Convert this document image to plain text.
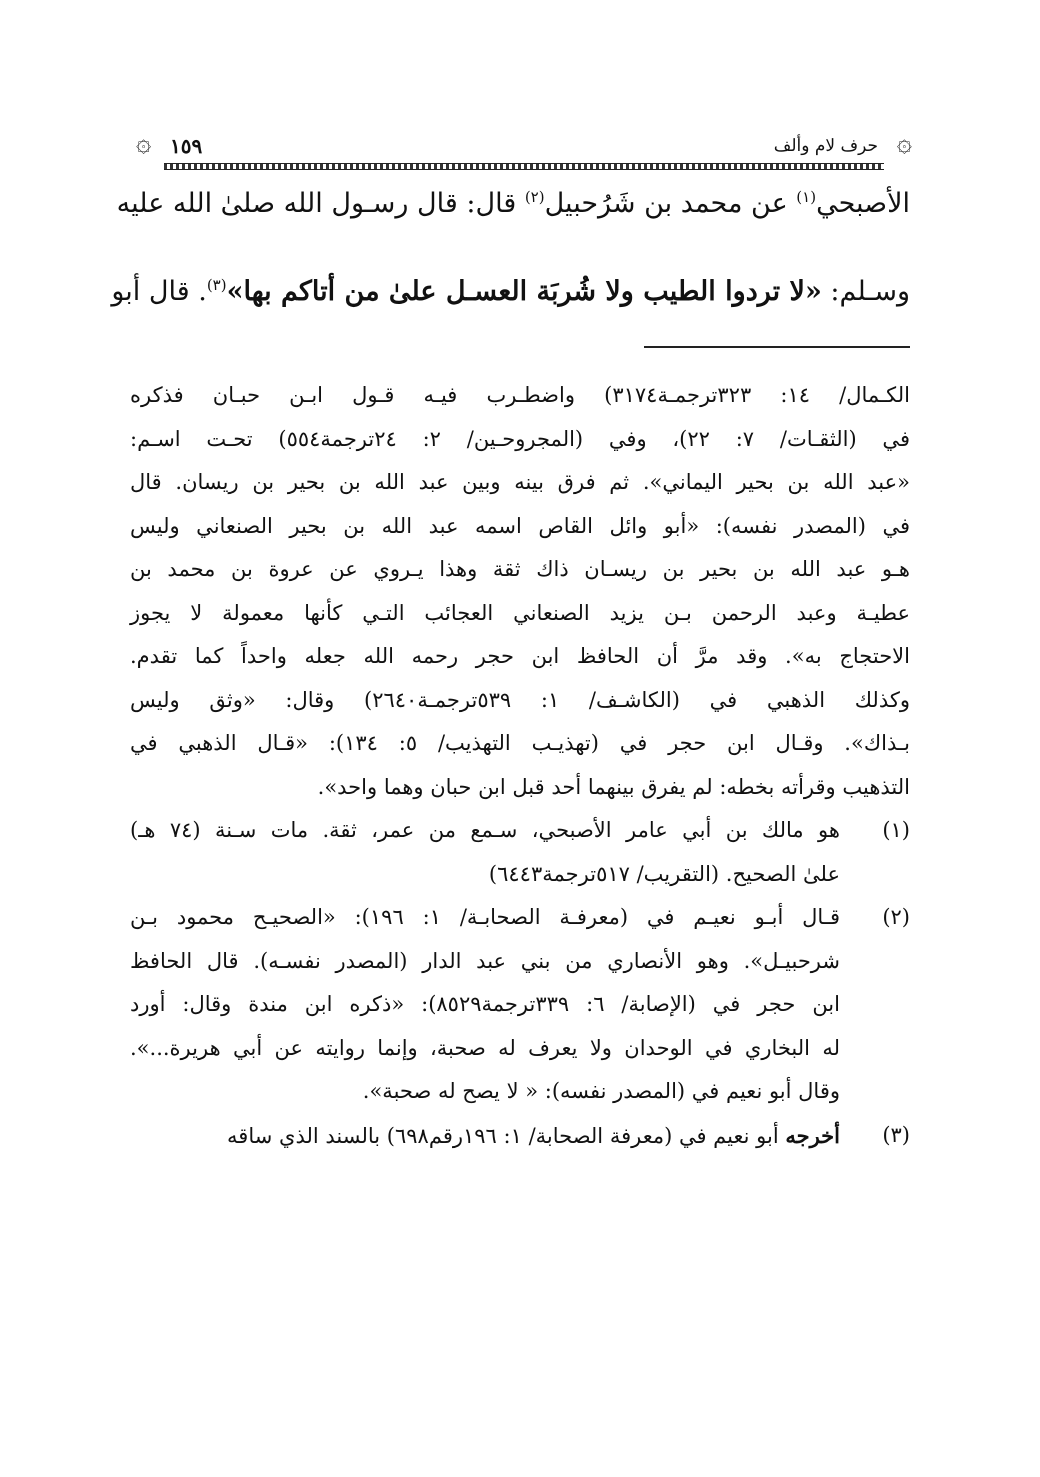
۞
حرف لام وألف
١٥٩
۞
الأصبحي$^{(١)}$ عن محمد بن شَرُحبيل$^{(٢)}$ قال: قال رسـول الله صلىٰ الله عليه
وسـلم: «لا تردوا الطيب ولا شُربَة العسـل علىٰ من أتاكم بها»$^{(٣)}$. قال أبو
الكـمال/ ١٤: ٣٢٣ترجمـة٣١٧٤) واضطـرب فيـه قـول ابـن حبـان فذكره
في (الثقـات/ ٧: ٢٢)، وفي (المجروحـين/ ٢: ٢٤ترجمة٥٥٤) تحـت اسـم:
«عبد الله بن بحير اليماني». ثم فرق بينه وبين عبد الله بن بحير بن ريسان. قال
في (المصدر نفسه): «أبو وائل القاص اسمه عبد الله بن بحير الصنعاني وليس
هـو عبد الله بن بحير بن ريسـان ذاك ثقة وهذا يـروي عن عروة بن محمد بن
عطيـة وعبد الرحمن بـن يزيد الصنعاني العجائب التـي كأنها معمولة لا يجوز
الاحتجاج به». وقد مرَّ أن الحافظ ابن حجر رحمه الله جعله واحداً كما تقدم.
وكذلك الذهبي في (الكاشـف/ ١: ٥٣٩ترجمـة٢٦٤٠) وقال: «وثق وليس
بـذاك». وقـال ابن حجر في (تهذيـب التهذيب/ ٥: ١٣٤): «قـال الذهبي في
التذهيب وقرأته بخطه: لم يفرق بينهما أحد قبل ابن حبان وهما واحد».
(١)
هو مالك بن أبي عامر الأصبحي، سـمع من عمر، ثقة. مات سـنة (٧٤ هـ)
علىٰ الصحيح. (التقريب/ ٥١٧ترجمة٦٤٤٣)
(٢)
قـال أبـو نعيـم في (معرفـة الصحابـة/ ١: ١٩٦): «الصحيـح محمود بـن
شرحبيـل». وهو الأنصاري من بني عبد الدار (المصدر نفسـه). قال الحافظ
ابن حجر في (الإصابة/ ٦: ٣٣٩ترجمة٨٥٢٩): «ذكره ابن مندة وقال: أورد
له البخاري في الوحدان ولا يعرف له صحبة، وإنما روايته عن أبي هريرة...».
وقال أبو نعيم في (المصدر نفسه): « لا يصح له صحبة».
(٣)
أخرجه أبو نعيم في (معرفة الصحابة/ ١: ١٩٦رقم٦٩٨) بالسند الذي ساقه
